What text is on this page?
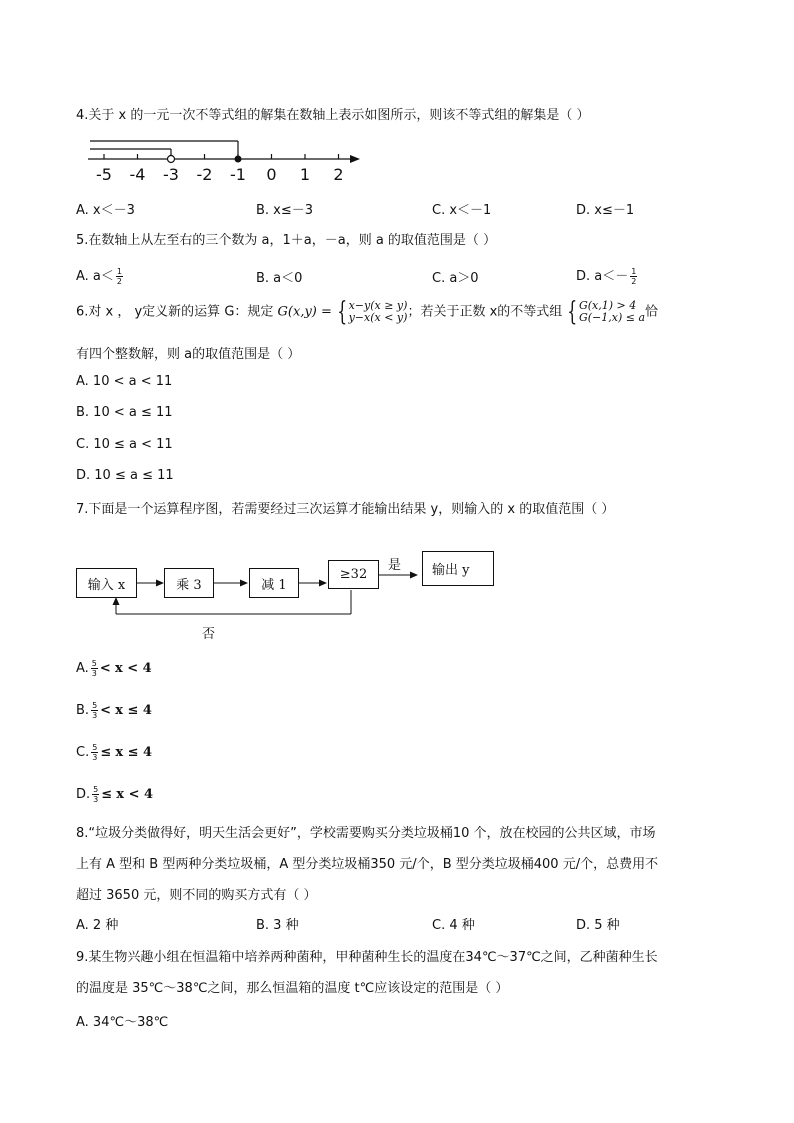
4.关于 x 的一元一次不等式组的解集在数轴上表示如图所示，则该不等式组的解集是（ ）
-5 -4 -3 -2 -1 0 1 2
A. x＜－3	B. x≤－3	C. x＜－1	D. x≤－1
5.在数轴上从左至右的三个数为 a，1＋a，－a，则 a 的取值范围是（ ）
A. $a< \frac{1}{2}$	B. a＜0	C. a＞0	D. $a<- \frac{1}{2}$
6.对 x ， y定义新的运算 G：规定 G(x,y) = { x−y(x ≥ y)
y−x(x < y) ；若关于正数 x的不等式组 { G(x,1) > 4
G(−1,x) ≤ a 恰
有四个整数解，则 a的取值范围是（ ）
A. 10 < a < 11
B. 10 < a ≤ 11
C. 10 ≤ a < 11
D. 10 ≤ a ≤ 11
7.下面是一个运算程序图，若需要经过三次运算才能输出结果 y，则输入的 x 的取值范围（ ）
输入 x	乘 3	减 1
≥32
是 输出 y
否
A. $\frac{5}{3} < x < 4$
B. $\frac{5}{3} < x \le 4$
C. $\frac{5}{3} \le x \le 4$
D. $\frac{5}{3} \le x < 4$
8.“垃圾分类做得好，明天生活会更好”，学校需要购买分类垃圾桶10 个，放在校园的公共区域，市场
上有 A 型和 B 型两种分类垃圾桶，A 型分类垃圾桶350 元/个，B 型分类垃圾桶400 元/个，总费用不
超过 3650 元，则不同的购买方式有（ ）
A. 2 种	B. 3 种	C. 4 种	D. 5 种
9.某生物兴趣小组在恒温箱中培养两种菌种，甲种菌种生长的温度在34℃～37℃之间，乙种菌种生长
的温度是 35℃～38℃之间，那么恒温箱的温度 t℃应该设定的范围是（ ）
A. 34℃～38℃
